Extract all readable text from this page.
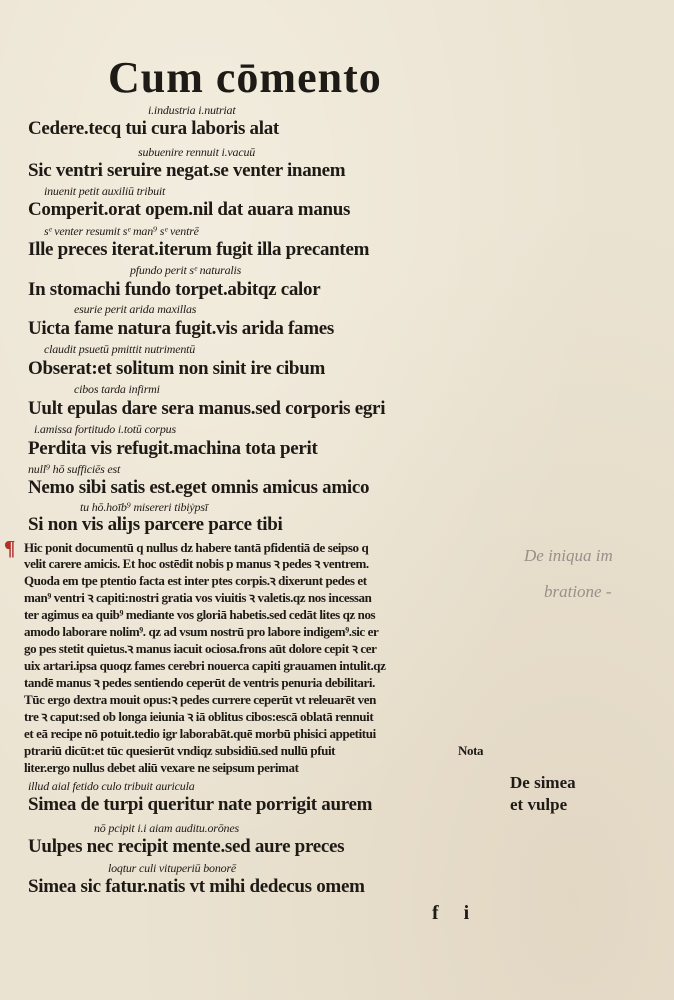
Cum cōmento
i.industria i.nutriat
Cedere.tecq tui cura laboris alat
subuenire rennuit i.vacuū
Sic ventri seruire negat.se venter inanem
inuenit petit auxiliū tribuit
Comperit.orat opem.nil dat auara manus
sᵉ venter resumit sᵉ man⁹ sᵉ ventrē
Ille preces iterat.iterum fugit illa precantem
pfundo perit sᵉ naturalis
In stomachi fundo torpet.abitqz calor
esurie perit arida maxillas
Uicta fame natura fugit.vis arida fames
claudit psuetū pmittit nutrimentū
Obserat:et solitum non sinit ire cibum
cibos tarda infirmi
Uult epulas dare sera manus.sed corporis egri
i.amissa fortitudo i.totū corpus
Perdita vis refugit.machina tota perit
null⁹ hō sufficiēs est
Nemo sibi satis est.eget omnis amicus amico
tu hō.hoīb⁹ misereri tibiẏpsī
Si non vis aliȷs parcere parce tibi
¶ Hic ponit documentū q nullus dz habere tantā pfidentiā de seipso q
velit carere amicis. Et hoc ostēdit nobis p manus ꝛ pedes ꝛ ventrem.
Quoda em tpe ptentio facta est inter ptes corpis.ꝛ dixerunt pedes et
man⁹ ventri ꝛ capiti:nostri gratia vos viuitis ꝛ valetis.qz nos incessan
ter agimus ea quib⁹ mediante vos gloriā habetis.sed cedāt lites qz nos
amodo laborare nolim⁹. qz ad vsum nostrū pro labore indigem⁹.sic er
go pes stetit quietus.ꝛ manus iacuit ociosa.frons aūt dolore cepit ꝛ cer
uix artari.ipsa quoqz fames cerebri nouerca capiti grauamen intulit.qz
tandē manus ꝛ pedes sentiendo ceperūt de ventris penuria debilitari.
Tūc ergo dextra mouit opus:ꝛ pedes currere ceperūt vt releuarēt ven
tre ꝛ caput:sed ob longa ieiunia ꝛ iā oblitus cibos:escā oblatā rennuit
et eā recipe nō potuit.tedio igr laborabāt.quē morbū phisici appetitui
ptrariū dicūt:et tūc quesierūt vndiqz subsidiū.sed nullū pfuit
liter.ergo nullus debet aliū vexare ne seipsum perimat
Nota
illud aial fetido culo tribuit auricula
Simea de turpi queritur nate porrigit aurem
nō pcipit i.i aiam auditu.orōnes
Uulpes nec recipit mente.sed aure preces
loqtur culi vituperiū bonorē
Simea sic fatur.natis vt mihi dedecus omem
De iniqua im
bratione -
De simea
et vulpe
f i
